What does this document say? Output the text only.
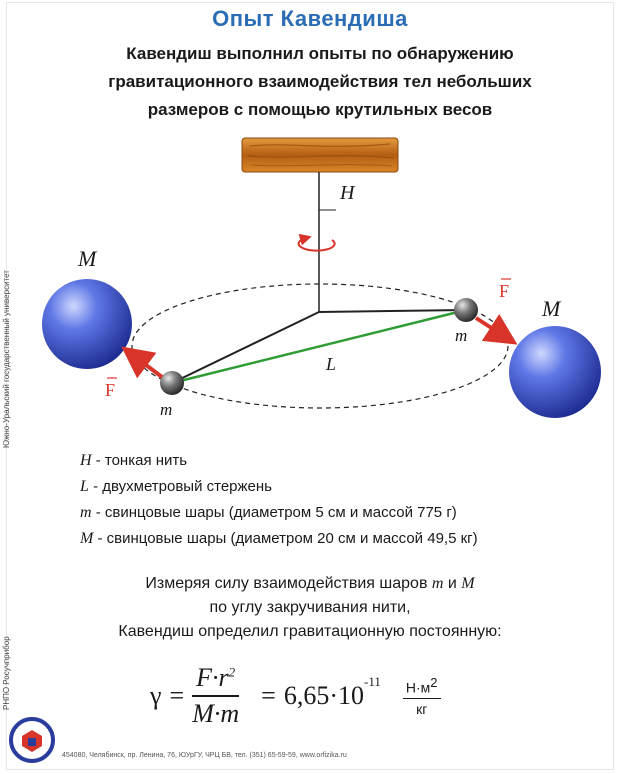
Опыт Кавендиша
Кавендиш выполнил опыты по обнаружению гравитационного взаимодействия тел небольших размеров с помощью крутильных весов
H
L
M
M
m
m
F
F
H - тонкая нить
L - двухметровый стержень
m - свинцовые шары (диаметром 5 см и массой 775 г)
M - свинцовые шары (диаметром 20 см и массой 49,5 кг)
Измеряя силу взаимодействия шаров m и M
по углу закручивания нити,
Кавендиш определил гравитационную постоянную:
$\gamma = \frac{F\cdot r^2}{M\cdot m} = 6,65\cdot 10^{-11} \frac{Н\cdot м^2}{кг}$
РНПО Росучприбор
Южно-Уральский государственный университет
454080, Челябинск, пр. Ленина, 76, ЮУрГУ, ЧРЦ БВ, тел. (351) 65-59-59, www.orfizika.ru
